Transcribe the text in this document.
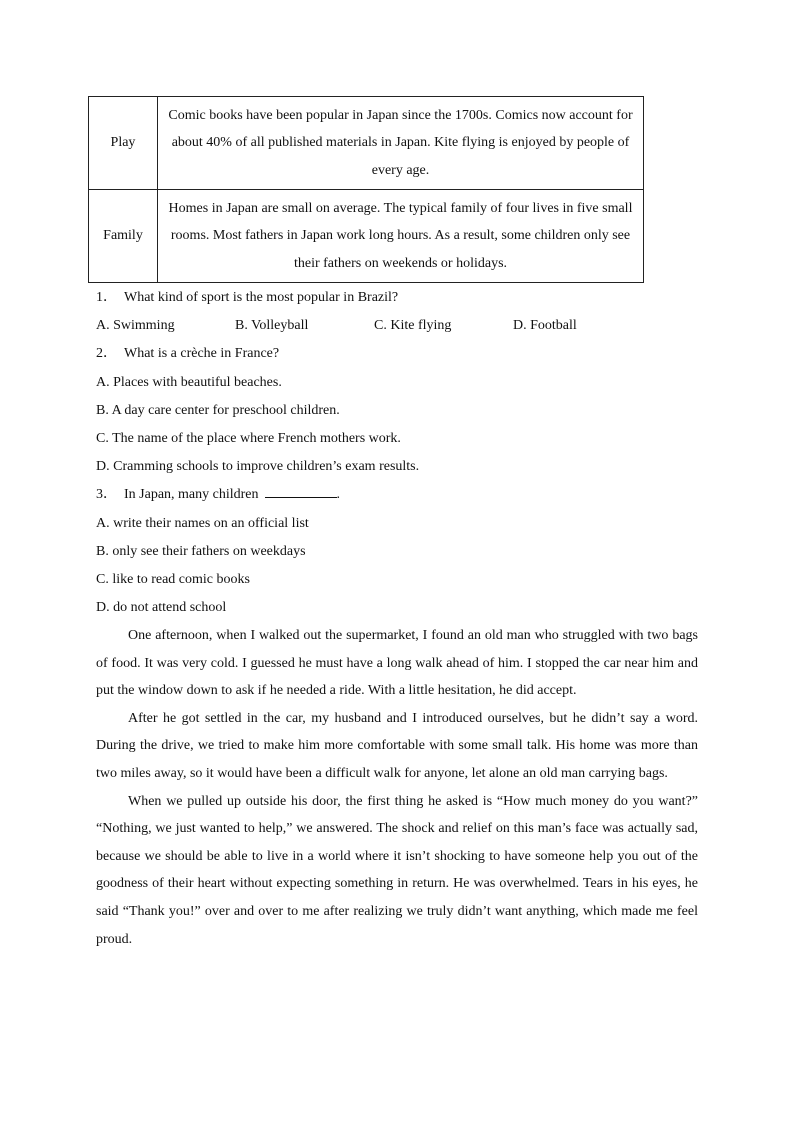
Play	Comic books have been popular in Japan since the 1700s. Comics now account for about 40% of all published materials in Japan. Kite flying is enjoyed by people of every age.
Family	Homes in Japan are small on average. The typical family of four lives in five small rooms. Most fathers in Japan work long hours. As a result, some children only see their fathers on weekends or holidays.
1． What kind of sport is the most popular in Brazil?
A. Swimming	B. Volleyball	C. Kite flying	D. Football
2． What is a crèche in France?
A. Places with beautiful beaches.
B. A day care center for preschool children.
C. The name of the place where French mothers work.
D. Cramming schools to improve children’s exam results.
3． In Japan, many children	.
A. write their names on an official list
B. only see their fathers on weekdays
C. like to read comic books
D. do not attend school

One afternoon, when I walked out the supermarket, I found an old man who struggled with two bags of food. It was very cold. I guessed he must have a long walk ahead of him. I stopped the car near him and put the window down to ask if he needed a ride. With a little hesitation, he did accept.

After he got settled in the car, my husband and I introduced ourselves, but he didn’t say a word. During the drive, we tried to make him more comfortable with some small talk. His home was more than two miles away, so it would have been a difficult walk for anyone, let alone an old man carrying bags.

When we pulled up outside his door, the first thing he asked is “How much money do you want?” “Nothing, we just wanted to help,” we answered. The shock and relief on this man’s face was actually sad, because we should be able to live in a world where it isn’t shocking to have someone help you out of the goodness of their heart without expecting something in return. He was overwhelmed. Tears in his eyes, he said “Thank you!” over and over to me after realizing we truly didn’t want anything, which made me feel proud.
